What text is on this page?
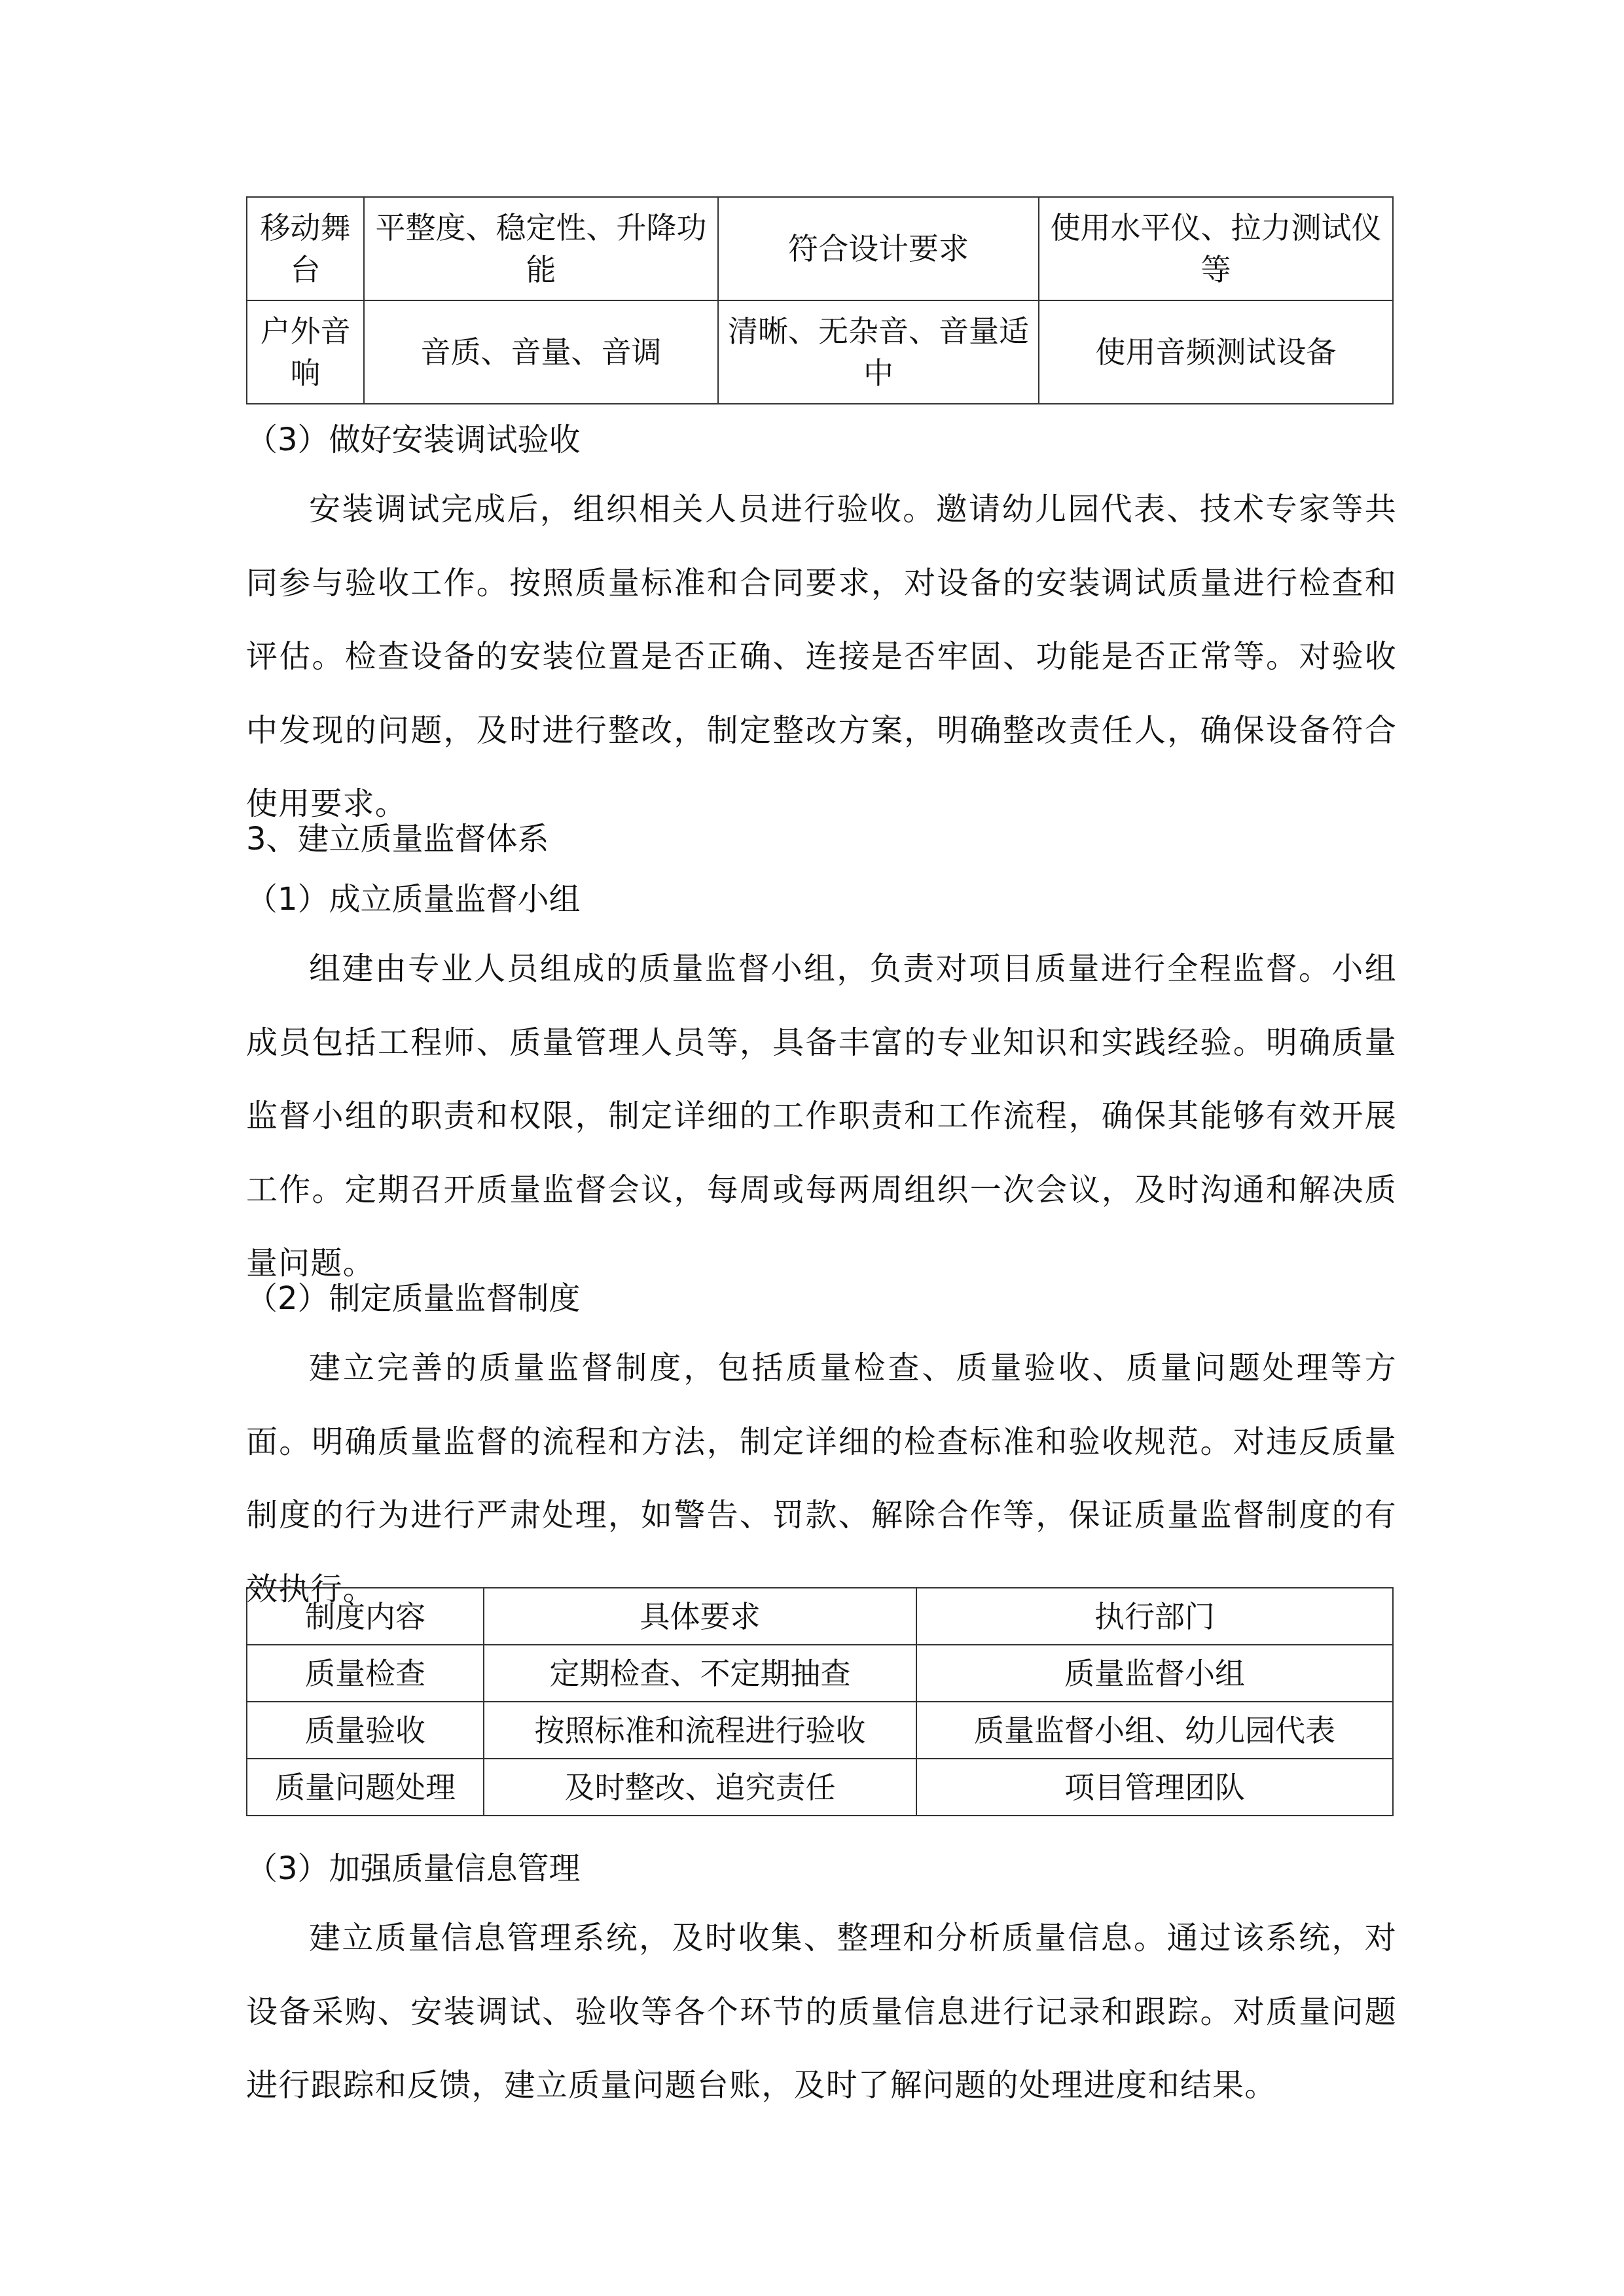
移动舞台	平整度、稳定性、升降功能	符合设计要求	使用水平仪、拉力测试仪等
户外音响	音质、音量、音调	清晰、无杂音、音量适中	使用音频测试设备
（3）做好安装调试验收
安装调试完成后，组织相关人员进行验收。邀请幼儿园代表、技术专家等共同参与验收工作。按照质量标准和合同要求，对设备的安装调试质量进行检查和评估。检查设备的安装位置是否正确、连接是否牢固、功能是否正常等。对验收中发现的问题，及时进行整改，制定整改方案，明确整改责任人，确保设备符合使用要求。
3、建立质量监督体系
（1）成立质量监督小组
组建由专业人员组成的质量监督小组，负责对项目质量进行全程监督。小组成员包括工程师、质量管理人员等，具备丰富的专业知识和实践经验。明确质量监督小组的职责和权限，制定详细的工作职责和工作流程，确保其能够有效开展工作。定期召开质量监督会议，每周或每两周组织一次会议，及时沟通和解决质量问题。
（2）制定质量监督制度
建立完善的质量监督制度，包括质量检查、质量验收、质量问题处理等方面。明确质量监督的流程和方法，制定详细的检查标准和验收规范。对违反质量制度的行为进行严肃处理，如警告、罚款、解除合作等，保证质量监督制度的有效执行。
制度内容	具体要求	执行部门
质量检查	定期检查、不定期抽查	质量监督小组
质量验收	按照标准和流程进行验收	质量监督小组、幼儿园代表
质量问题处理	及时整改、追究责任	项目管理团队
（3）加强质量信息管理
建立质量信息管理系统，及时收集、整理和分析质量信息。通过该系统，对设备采购、安装调试、验收等各个环节的质量信息进行记录和跟踪。对质量问题进行跟踪和反馈，建立质量问题台账，及时了解问题的处理进度和结果。
